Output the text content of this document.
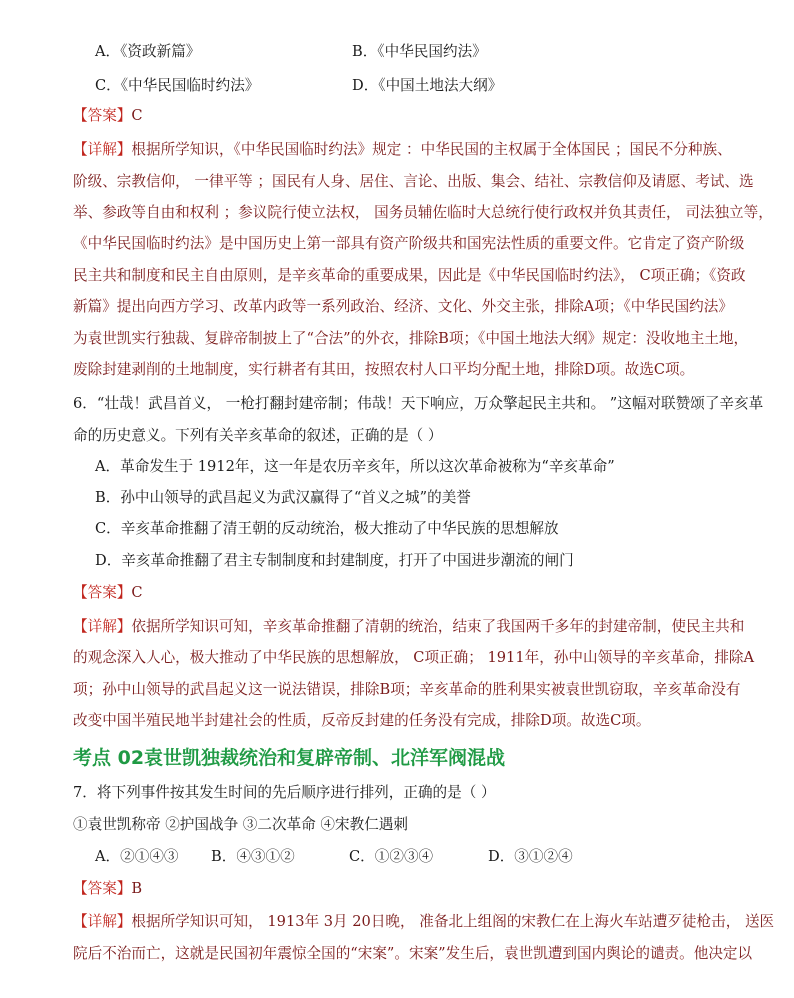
A．《资政新篇》	B．《中华民国约法》
C．《中华民国临时约法》	D．《中国土地法大纲》
【答案】C
【详解】根据所学知识，《中华民国临时约法》规定 ：中华民国的主权属于全体国民 ；国民不分种族、
阶级、宗教信仰， 一律平等 ；国民有人身、居住、言论、出版、集会、结社、宗教信仰及请愿、考试、选
举、参政等自由和权利 ；参议院行使立法权， 国务员辅佐临时大总统行使行政权并负其责任， 司法独立等，
《中华民国临时约法》是中国历史上第一部具有资产阶级共和国宪法性质的重要文件。它肯定了资产阶级
民主共和制度和民主自由原则，是辛亥革命的重要成果，因此是《中华民国临时约法》， C项正确；《资政
新篇》提出向西方学习、改革内政等一系列政治、经济、文化、外交主张，排除A项；《中华民国约法》
为袁世凯实行独裁、复辟帝制披上了“合法”的外衣，排除B项；《中国土地法大纲》规定：没收地主土地，
废除封建剥削的土地制度，实行耕者有其田，按照农村人口平均分配土地，排除D项。故选C项。
6．“壮哉！武昌首义， 一枪打翻封建帝制；伟哉！天下响应，万众擎起民主共和。 ”这幅对联赞颂了辛亥革
命的历史意义。下列有关辛亥革命的叙述，正确的是（ ）
A．革命发生于 1912年，这一年是农历辛亥年，所以这次革命被称为“辛亥革命”
B．孙中山领导的武昌起义为武汉赢得了“首义之城”的美誉
C．辛亥革命推翻了清王朝的反动统治，极大推动了中华民族的思想解放
D．辛亥革命推翻了君主专制制度和封建制度，打开了中国进步潮流的闸门
【答案】C
【详解】依据所学知识可知，辛亥革命推翻了清朝的统治，结束了我国两千多年的封建帝制，使民主共和
的观念深入人心，极大推动了中华民族的思想解放， C项正确； 1911年，孙中山领导的辛亥革命，排除A
项；孙中山领导的武昌起义这一说法错误，排除B项；辛亥革命的胜利果实被袁世凯窃取，辛亥革命没有
改变中国半殖民地半封建社会的性质，反帝反封建的任务没有完成，排除D项。故选C项。
考点 02袁世凯独裁统治和复辟帝制、北洋军阀混战
7．将下列事件按其发生时间的先后顺序进行排列，正确的是（ ）
①袁世凯称帝 ②护国战争 ③二次革命 ④宋教仁遇刺
A．②①④③ B．④③①②	C．①②③④	D．③①②④
【答案】B
【详解】根据所学知识可知， 1913年 3月 20日晚， 准备北上组阁的宋教仁在上海火车站遭歹徒枪击， 送医
院后不治而亡，这就是民国初年震惊全国的“宋案”。宋案”发生后，袁世凯遭到国内舆论的谴责。他决定以
